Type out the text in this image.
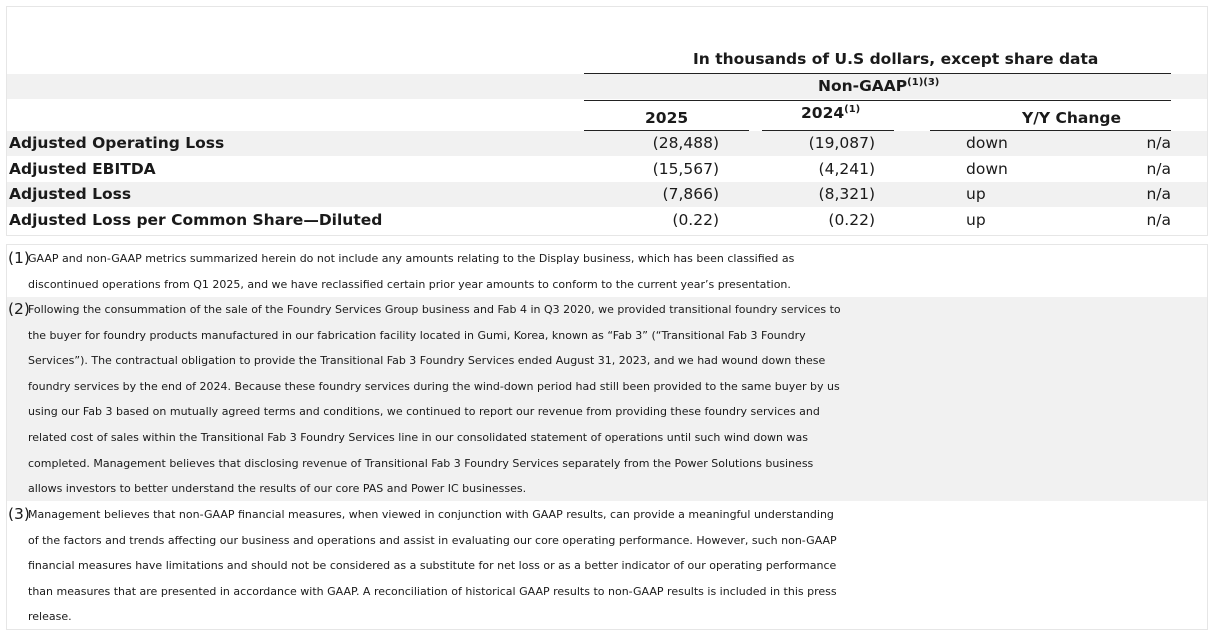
In thousands of U.S dollars, except share data
Non-$GAAP^{(1)(3)}$
2025	2024$^{(1)}$	Y/Y Change
Adjusted Operating Loss	(28,488)	(19,087)	down	n/a
Adjusted EBITDA	(15,567)	(4,241)	down	n/a
Adjusted Loss	(7,866)	(8,321)	up	n/a
Adjusted Loss per Common Share—Diluted	(0.22)	(0.22)	up	n/a
(1)
GAAP and non-GAAP metrics summarized herein do not include any amounts relating to the Display business, which has been classified as
discontinued operations from Q1 2025, and we have reclassified certain prior year amounts to conform to the current year’s presentation.
(2)
Following the consummation of the sale of the Foundry Services Group business and Fab 4 in Q3 2020, we provided transitional foundry services to
the buyer for foundry products manufactured in our fabrication facility located in Gumi, Korea, known as “Fab 3” (“Transitional Fab 3 Foundry
Services”). The contractual obligation to provide the Transitional Fab 3 Foundry Services ended August 31, 2023, and we had wound down these
foundry services by the end of 2024. Because these foundry services during the wind-down period had still been provided to the same buyer by us
using our Fab 3 based on mutually agreed terms and conditions, we continued to report our revenue from providing these foundry services and
related cost of sales within the Transitional Fab 3 Foundry Services line in our consolidated statement of operations until such wind down was
completed. Management believes that disclosing revenue of Transitional Fab 3 Foundry Services separately from the Power Solutions business
allows investors to better understand the results of our core PAS and Power IC businesses.
(3)
Management believes that non-GAAP financial measures, when viewed in conjunction with GAAP results, can provide a meaningful understanding
of the factors and trends affecting our business and operations and assist in evaluating our core operating performance. However, such non-GAAP
financial measures have limitations and should not be considered as a substitute for net loss or as a better indicator of our operating performance
than measures that are presented in accordance with GAAP. A reconciliation of historical GAAP results to non-GAAP results is included in this press
release.
